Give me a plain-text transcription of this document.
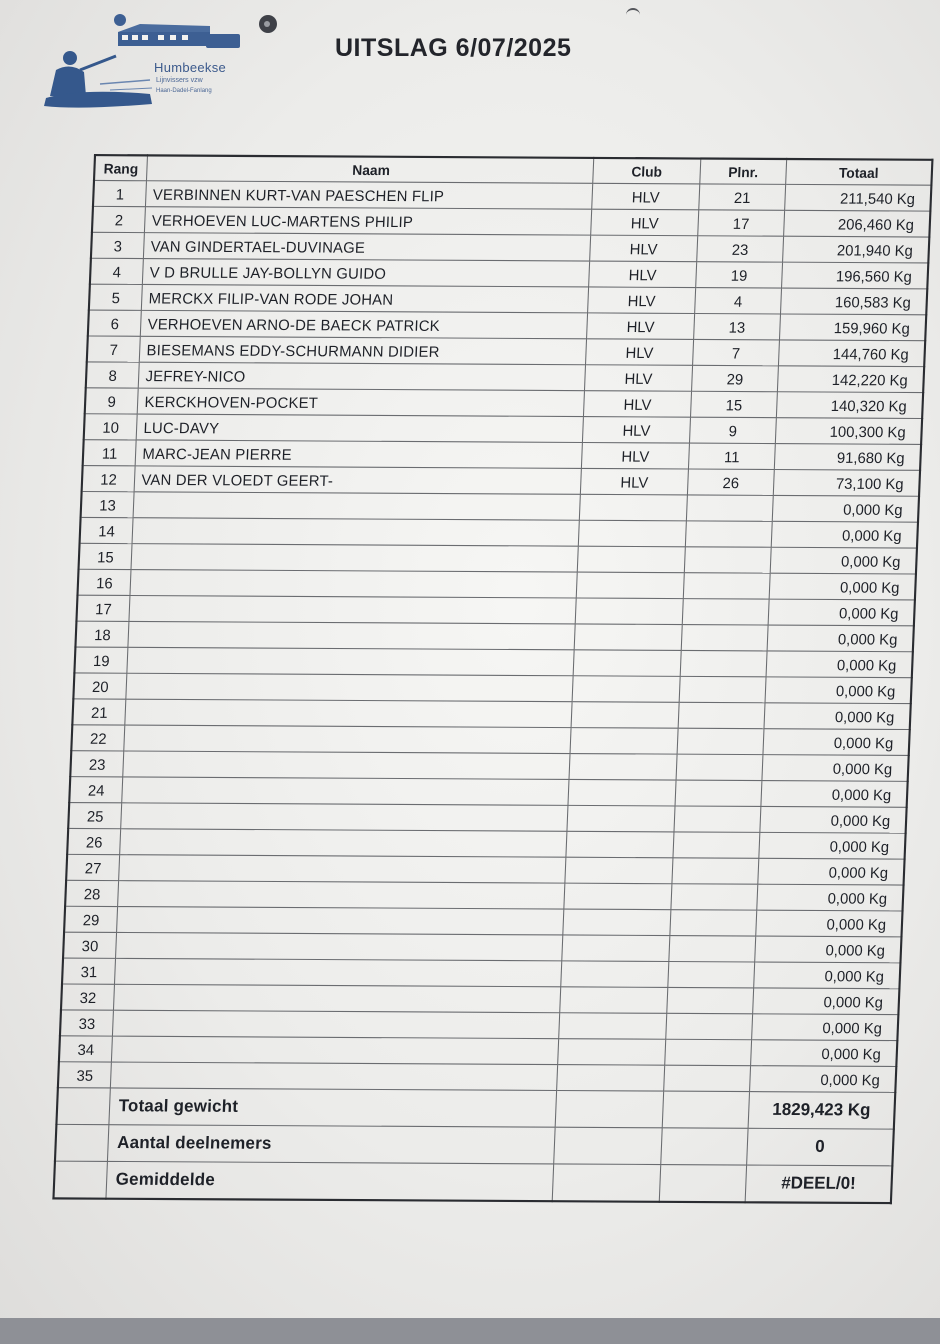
Humbeekse
Lijnvissers vzw
Haan-Dadel-Fanlang
UITSLAG 6/07/2025
Rang	Naam	Club	Plnr.	Totaal
1	VERBINNEN KURT-VAN PAESCHEN FLIP	HLV	21	211,540 Kg
2	VERHOEVEN LUC-MARTENS PHILIP	HLV	17	206,460 Kg
3	VAN GINDERTAEL-DUVINAGE	HLV	23	201,940 Kg
4	V D BRULLE JAY-BOLLYN GUIDO	HLV	19	196,560 Kg
5	MERCKX FILIP-VAN RODE JOHAN	HLV	4	160,583 Kg
6	VERHOEVEN ARNO-DE BAECK PATRICK	HLV	13	159,960 Kg
7	BIESEMANS EDDY-SCHURMANN DIDIER	HLV	7	144,760 Kg
8	JEFREY-NICO	HLV	29	142,220 Kg
9	KERCKHOVEN-POCKET	HLV	15	140,320 Kg
10	LUC-DAVY	HLV	9	100,300 Kg
11	MARC-JEAN PIERRE	HLV	11	91,680 Kg
12	VAN DER VLOEDT GEERT-	HLV	26	73,100 Kg
13				0,000 Kg
14				0,000 Kg
15				0,000 Kg
16				0,000 Kg
17				0,000 Kg
18				0,000 Kg
19				0,000 Kg
20				0,000 Kg
21				0,000 Kg
22				0,000 Kg
23				0,000 Kg
24				0,000 Kg
25				0,000 Kg
26				0,000 Kg
27				0,000 Kg
28				0,000 Kg
29				0,000 Kg
30				0,000 Kg
31				0,000 Kg
32				0,000 Kg
33				0,000 Kg
34				0,000 Kg
35				0,000 Kg
	Totaal gewicht			1829,423 Kg
	Aantal deelnemers			0
	Gemiddelde			#DEEL/0!
